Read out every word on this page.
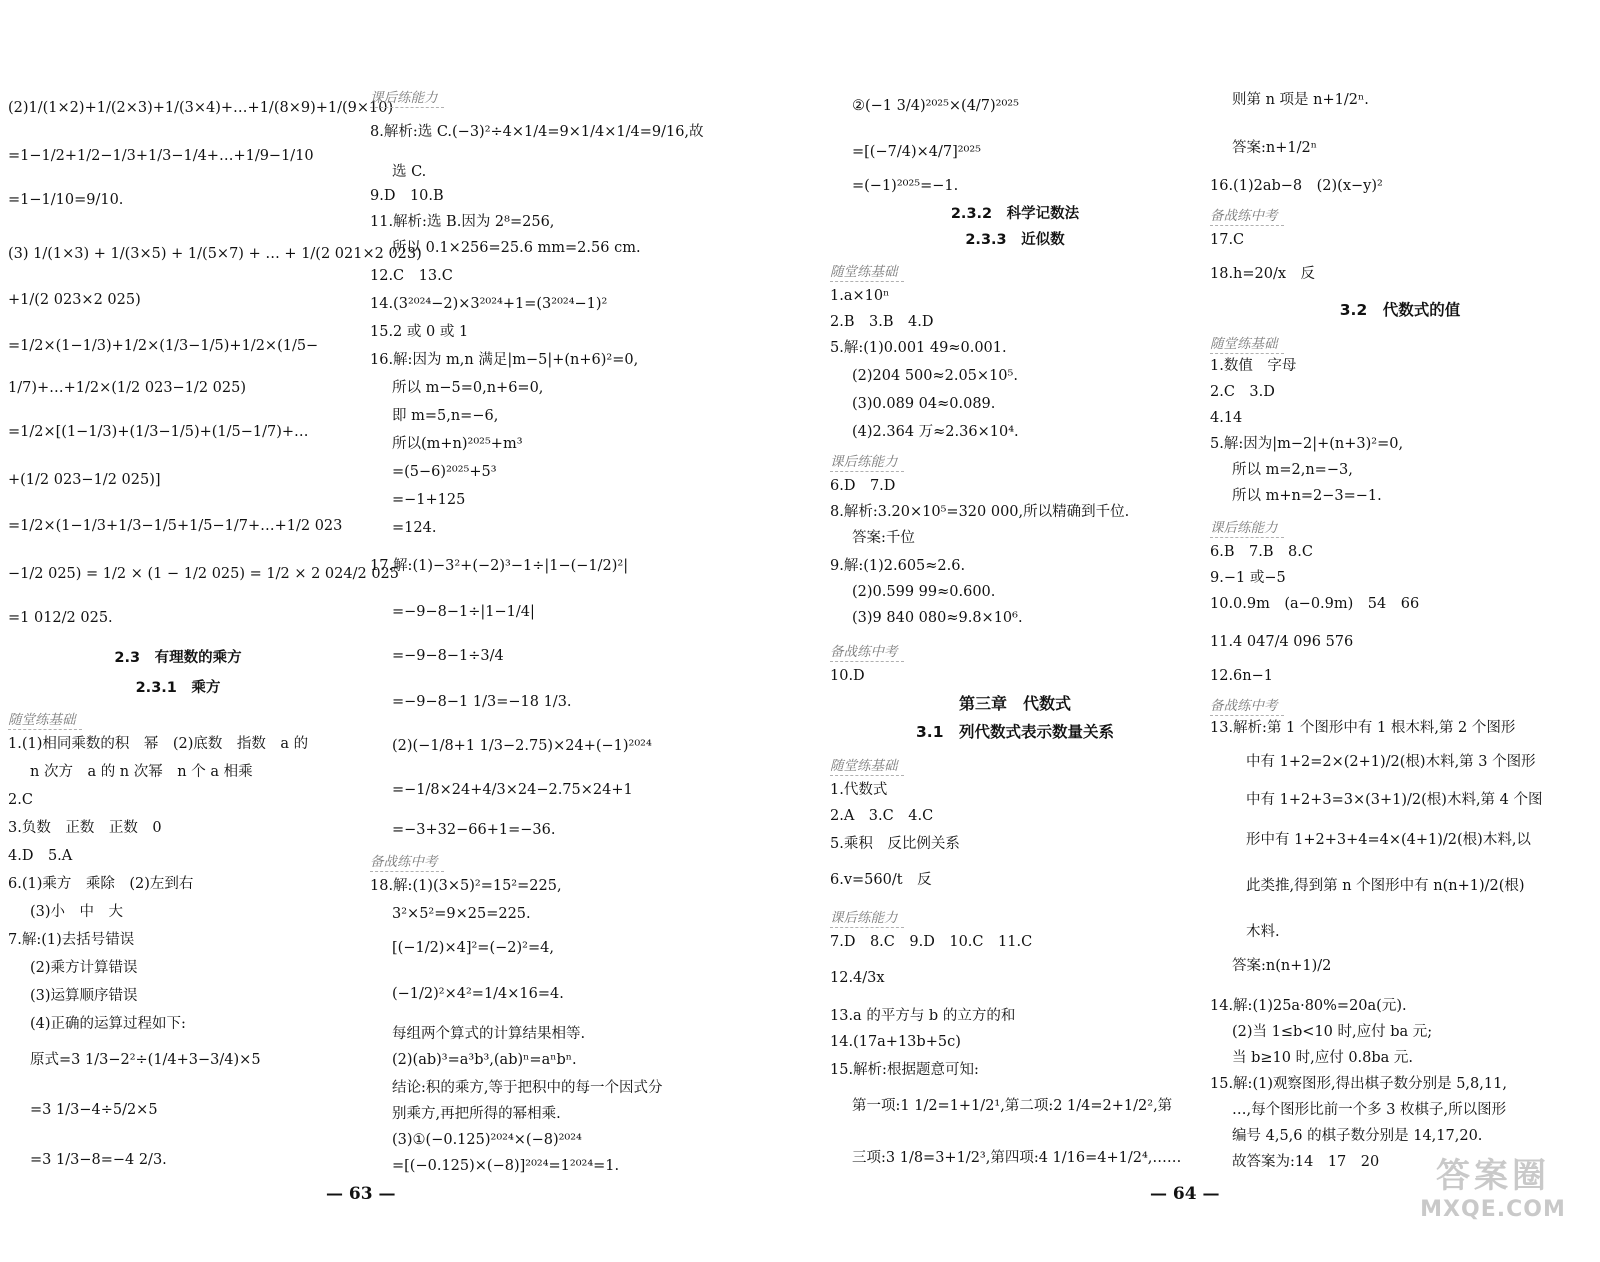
(2)1/(1×2)+1/(2×3)+1/(3×4)+…+1/(8×9)+1/(9×10)
=1−1/2+1/2−1/3+1/3−1/4+…+1/9−1/10
=1−1/10=9/10.
(3) 1/(1×3) + 1/(3×5) + 1/(5×7) + … + 1/(2 021×2 023)
+1/(2 023×2 025)
=1/2×(1−1/3)+1/2×(1/3−1/5)+1/2×(1/5−
1/7)+…+1/2×(1/2 023−1/2 025)
=1/2×[(1−1/3)+(1/3−1/5)+(1/5−1/7)+…
+(1/2 023−1/2 025)]
=1/2×(1−1/3+1/3−1/5+1/5−1/7+…+1/2 023
−1/2 025) = 1/2 × (1 − 1/2 025) = 1/2 × 2 024/2 025
=1 012/2 025.
2.3　有理数的乘方
2.3.1　乘方
随堂练基础
1.(1)相同乘数的积　幂　(2)底数　指数　a 的
n 次方　a 的 n 次幂　n 个 a 相乘
2.C
3.负数　正数　正数　0
4.D　5.A
6.(1)乘方　乘除　(2)左到右
(3)小　中　大
7.解:(1)去括号错误
(2)乘方计算错误
(3)运算顺序错误
(4)正确的运算过程如下:
原式=3 1/3−2²÷(1/4+3−3/4)×5
=3 1/3−4÷5/2×5
=3 1/3−8=−4 2/3.
课后练能力
8.解析:选 C.(−3)²÷4×1/4=9×1/4×1/4=9/16,故
选 C.
9.D　10.B
11.解析:选 B.因为 2⁸=256,
所以 0.1×256=25.6 mm=2.56 cm.
12.C　13.C
14.(3²⁰²⁴−2)×3²⁰²⁴+1=(3²⁰²⁴−1)²
15.2 或 0 或 1
16.解:因为 m,n 满足|m−5|+(n+6)²=0,
所以 m−5=0,n+6=0,
即 m=5,n=−6,
所以(m+n)²⁰²⁵+m³
=(5−6)²⁰²⁵+5³
=−1+125
=124.
17.解:(1)−3²+(−2)³−1÷|1−(−1/2)²|
=−9−8−1÷|1−1/4|
=−9−8−1÷3/4
=−9−8−1 1/3=−18 1/3.
(2)(−1/8+1 1/3−2.75)×24+(−1)²⁰²⁴
=−1/8×24+4/3×24−2.75×24+1
=−3+32−66+1=−36.
备战练中考
18.解:(1)(3×5)²=15²=225,
3²×5²=9×25=225.
[(−1/2)×4]²=(−2)²=4,
(−1/2)²×4²=1/4×16=4.
每组两个算式的计算结果相等.
(2)(ab)³=a³b³,(ab)ⁿ=aⁿbⁿ.
结论:积的乘方,等于把积中的每一个因式分
别乘方,再把所得的幂相乘.
(3)①(−0.125)²⁰²⁴×(−8)²⁰²⁴
=[(−0.125)×(−8)]²⁰²⁴=1²⁰²⁴=1.
— 63 —
②(−1 3/4)²⁰²⁵×(4/7)²⁰²⁵
=[(−7/4)×4/7]²⁰²⁵
=(−1)²⁰²⁵=−1.
2.3.2　科学记数法
2.3.3　近似数
随堂练基础
1.a×10ⁿ
2.B　3.B　4.D
5.解:(1)0.001 49≈0.001.
(2)204 500≈2.05×10⁵.
(3)0.089 04≈0.089.
(4)2.364 万≈2.36×10⁴.
课后练能力
6.D　7.D
8.解析:3.20×10⁵=320 000,所以精确到千位.
答案:千位
9.解:(1)2.605≈2.6.
(2)0.599 99≈0.600.
(3)9 840 080≈9.8×10⁶.
备战练中考
10.D
第三章　代数式
3.1　列代数式表示数量关系
随堂练基础
1.代数式
2.A　3.C　4.C
5.乘积　反比例关系
6.v=560/t　反
课后练能力
7.D　8.C　9.D　10.C　11.C
12.4/3x
13.a 的平方与 b 的立方的和
14.(17a+13b+5c)
15.解析:根据题意可知:
第一项:1 1/2=1+1/2¹,第二项:2 1/4=2+1/2²,第
三项:3 1/8=3+1/2³,第四项:4 1/16=4+1/2⁴,……
则第 n 项是 n+1/2ⁿ.
答案:n+1/2ⁿ
16.(1)2ab−8　(2)(x−y)²
备战练中考
17.C
18.h=20/x　反
3.2　代数式的值
随堂练基础
1.数值　字母
2.C　3.D
4.14
5.解:因为|m−2|+(n+3)²=0,
所以 m=2,n=−3,
所以 m+n=2−3=−1.
课后练能力
6.B　7.B　8.C
9.−1 或−5
10.0.9m　(a−0.9m)　54　66
11.4 047/4 096 576
12.6n−1
备战练中考
13.解析:第 1 个图形中有 1 根木料,第 2 个图形
中有 1+2=2×(2+1)/2(根)木料,第 3 个图形
中有 1+2+3=3×(3+1)/2(根)木料,第 4 个图
形中有 1+2+3+4=4×(4+1)/2(根)木料,以
此类推,得到第 n 个图形中有 n(n+1)/2(根)
木料.
答案:n(n+1)/2
14.解:(1)25a·80%=20a(元).
(2)当 1≤b<10 时,应付 ba 元;
当 b≥10 时,应付 0.8ba 元.
15.解:(1)观察图形,得出棋子数分别是 5,8,11,
…,每个图形比前一个多 3 枚棋子,所以图形
编号 4,5,6 的棋子数分别是 14,17,20.
故答案为:14　17　20
— 64 —	答案圈
MXQE.COM
